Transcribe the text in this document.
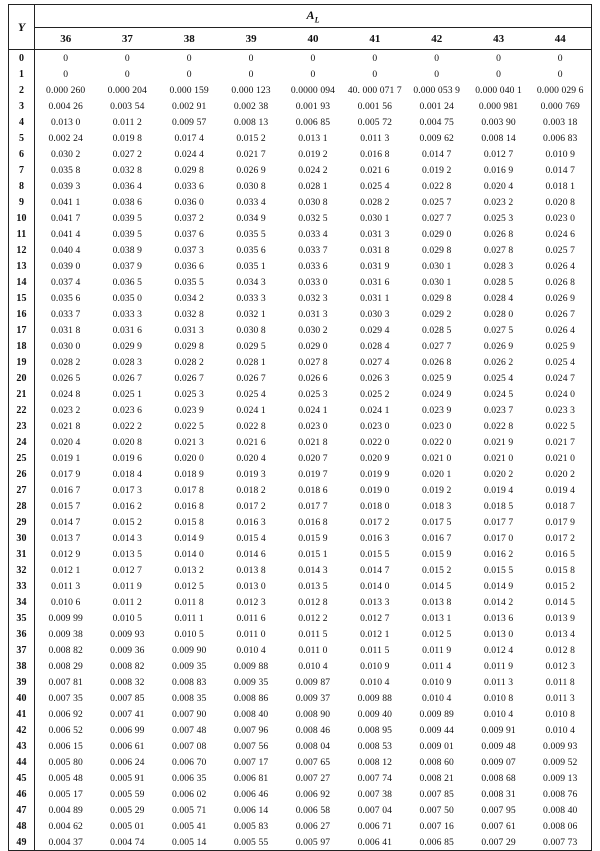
Y	$A_L$
	36	37	38	39	40	41	42	43	44
0	0	0	0	0	0	0	0	0	0
1	0	0	0	0	0	0	0	0	0
2	0.000 260	0.000 204	0.000 159	0.000 123	0.0000 094	40. 000 071 7	0.000 053 9	0.000 040 1	0.000 029 6
3	0.004 26	0.003 54	0.002 91	0.002 38	0.001 93	0.001 56	0.001 24	0.000 981	0.000 769
4	0.013 0	0.011 2	0.009 57	0.008 13	0.006 85	0.005 72	0.004 75	0.003 90	0.003 18
5	0.002 24	0.019 8	0.017 4	0.015 2	0.013 1	0.011 3	0.009 62	0.008 14	0.006 83
6	0.030 2	0.027 2	0.024 4	0.021 7	0.019 2	0.016 8	0.014 7	0.012 7	0.010 9
7	0.035 8	0.032 8	0.029 8	0.026 9	0.024 2	0.021 6	0.019 2	0.016 9	0.014 7
8	0.039 3	0.036 4	0.033 6	0.030 8	0.028 1	0.025 4	0.022 8	0.020 4	0.018 1
9	0.041 1	0.038 6	0.036 0	0.033 4	0.030 8	0.028 2	0.025 7	0.023 2	0.020 8
10	0.041 7	0.039 5	0.037 2	0.034 9	0.032 5	0.030 1	0.027 7	0.025 3	0.023 0
11	0.041 4	0.039 5	0.037 6	0.035 5	0.033 4	0.031 3	0.029 0	0.026 8	0.024 6
12	0.040 4	0.038 9	0.037 3	0.035 6	0.033 7	0.031 8	0.029 8	0.027 8	0.025 7
13	0.039 0	0.037 9	0.036 6	0.035 1	0.033 6	0.031 9	0.030 1	0.028 3	0.026 4
14	0.037 4	0.036 5	0.035 5	0.034 3	0.033 0	0.031 6	0.030 1	0.028 5	0.026 8
15	0.035 6	0.035 0	0.034 2	0.033 3	0.032 3	0.031 1	0.029 8	0.028 4	0.026 9
16	0.033 7	0.033 3	0.032 8	0.032 1	0.031 3	0.030 3	0.029 2	0.028 0	0.026 7
17	0.031 8	0.031 6	0.031 3	0.030 8	0.030 2	0.029 4	0.028 5	0.027 5	0.026 4
18	0.030 0	0.029 9	0.029 8	0.029 5	0.029 0	0.028 4	0.027 7	0.026 9	0.025 9
19	0.028 2	0.028 3	0.028 2	0.028 1	0.027 8	0.027 4	0.026 8	0.026 2	0.025 4
20	0.026 5	0.026 7	0.026 7	0.026 7	0.026 6	0.026 3	0.025 9	0.025 4	0.024 7
21	0.024 8	0.025 1	0.025 3	0.025 4	0.025 3	0.025 2	0.024 9	0.024 5	0.024 0
22	0.023 2	0.023 6	0.023 9	0.024 1	0.024 1	0.024 1	0.023 9	0.023 7	0.023 3
23	0.021 8	0.022 2	0.022 5	0.022 8	0.023 0	0.023 0	0.023 0	0.022 8	0.022 5
24	0.020 4	0.020 8	0.021 3	0.021 6	0.021 8	0.022 0	0.022 0	0.021 9	0.021 7
25	0.019 1	0.019 6	0.020 0	0.020 4	0.020 7	0.020 9	0.021 0	0.021 0	0.021 0
26	0.017 9	0.018 4	0.018 9	0.019 3	0.019 7	0.019 9	0.020 1	0.020 2	0.020 2
27	0.016 7	0.017 3	0.017 8	0.018 2	0.018 6	0.019 0	0.019 2	0.019 4	0.019 4
28	0.015 7	0.016 2	0.016 8	0.017 2	0.017 7	0.018 0	0.018 3	0.018 5	0.018 7
29	0.014 7	0.015 2	0.015 8	0.016 3	0.016 8	0.017 2	0.017 5	0.017 7	0.017 9
30	0.013 7	0.014 3	0.014 9	0.015 4	0.015 9	0.016 3	0.016 7	0.017 0	0.017 2
31	0.012 9	0.013 5	0.014 0	0.014 6	0.015 1	0.015 5	0.015 9	0.016 2	0.016 5
32	0.012 1	0.012 7	0.013 2	0.013 8	0.014 3	0.014 7	0.015 2	0.015 5	0.015 8
33	0.011 3	0.011 9	0.012 5	0.013 0	0.013 5	0.014 0	0.014 5	0.014 9	0.015 2
34	0.010 6	0.011 2	0.011 8	0.012 3	0.012 8	0.013 3	0.013 8	0.014 2	0.014 5
35	0.009 99	0.010 5	0.011 1	0.011 6	0.012 2	0.012 7	0.013 1	0.013 6	0.013 9
36	0.009 38	0.009 93	0.010 5	0.011 0	0.011 5	0.012 1	0.012 5	0.013 0	0.013 4
37	0.008 82	0.009 36	0.009 90	0.010 4	0.011 0	0.011 5	0.011 9	0.012 4	0.012 8
38	0.008 29	0.008 82	0.009 35	0.009 88	0.010 4	0.010 9	0.011 4	0.011 9	0.012 3
39	0.007 81	0.008 32	0.008 83	0.009 35	0.009 87	0.010 4	0.010 9	0.011 3	0.011 8
40	0.007 35	0.007 85	0.008 35	0.008 86	0.009 37	0.009 88	0.010 4	0.010 8	0.011 3
41	0.006 92	0.007 41	0.007 90	0.008 40	0.008 90	0.009 40	0.009 89	0.010 4	0.010 8
42	0.006 52	0.006 99	0.007 48	0.007 96	0.008 46	0.008 95	0.009 44	0.009 91	0.010 4
43	0.006 15	0.006 61	0.007 08	0.007 56	0.008 04	0.008 53	0.009 01	0.009 48	0.009 93
44	0.005 80	0.006 24	0.006 70	0.007 17	0.007 65	0.008 12	0.008 60	0.009 07	0.009 52
45	0.005 48	0.005 91	0.006 35	0.006 81	0.007 27	0.007 74	0.008 21	0.008 68	0.009 13
46	0.005 17	0.005 59	0.006 02	0.006 46	0.006 92	0.007 38	0.007 85	0.008 31	0.008 76
47	0.004 89	0.005 29	0.005 71	0.006 14	0.006 58	0.007 04	0.007 50	0.007 95	0.008 40
48	0.004 62	0.005 01	0.005 41	0.005 83	0.006 27	0.006 71	0.007 16	0.007 61	0.008 06
49	0.004 37	0.004 74	0.005 14	0.005 55	0.005 97	0.006 41	0.006 85	0.007 29	0.007 73
